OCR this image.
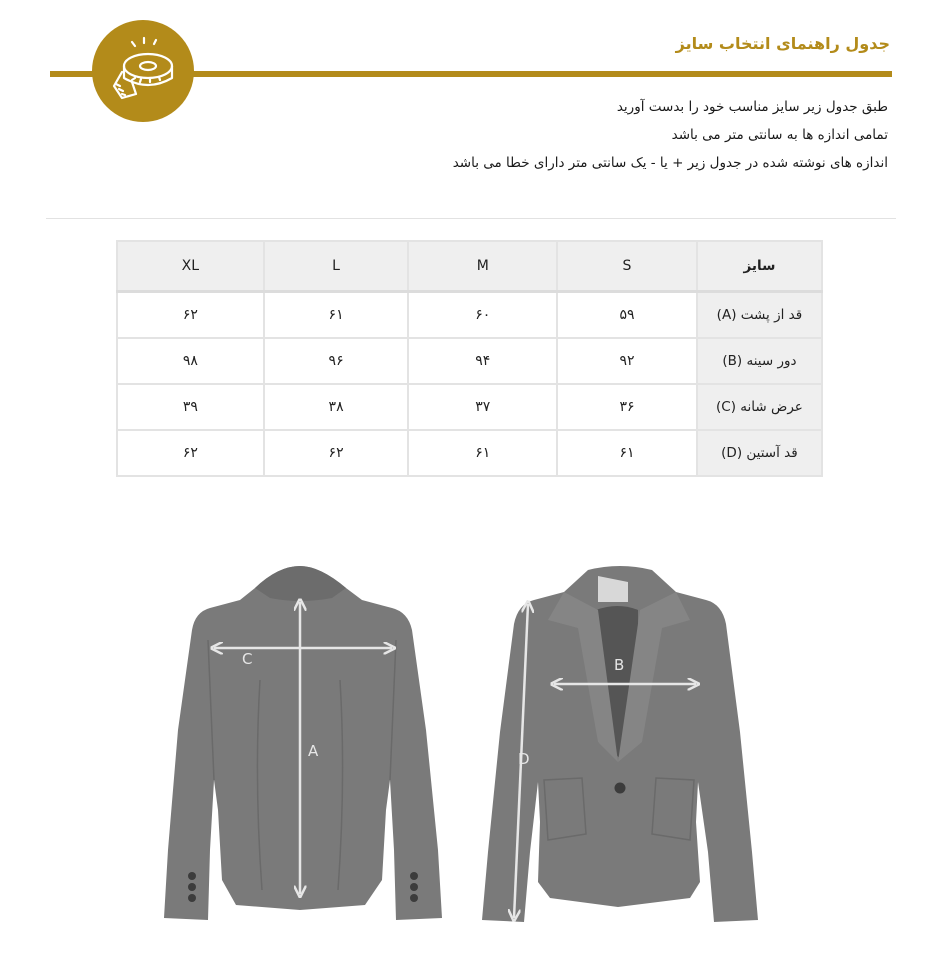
جدول راهنمای انتخاب سایز
طبق جدول زیر سایز مناسب خود را بدست آورید
تمامی اندازه ها به سانتی متر می باشد
اندازه های نوشته شده در جدول زیر + یا - یک سانتی متر دارای خطا می باشد
XL	L	M	S	سایز
۶۲	۶۱	۶۰	۵۹	قد از پشت (A)
۹۸	۹۶	۹۴	۹۲	دور سینه (B)
۳۹	۳۸	۳۷	۳۶	عرض شانه (C)
۶۲	۶۲	۶۱	۶۱	قد آستین (D)
C
A
B
D
